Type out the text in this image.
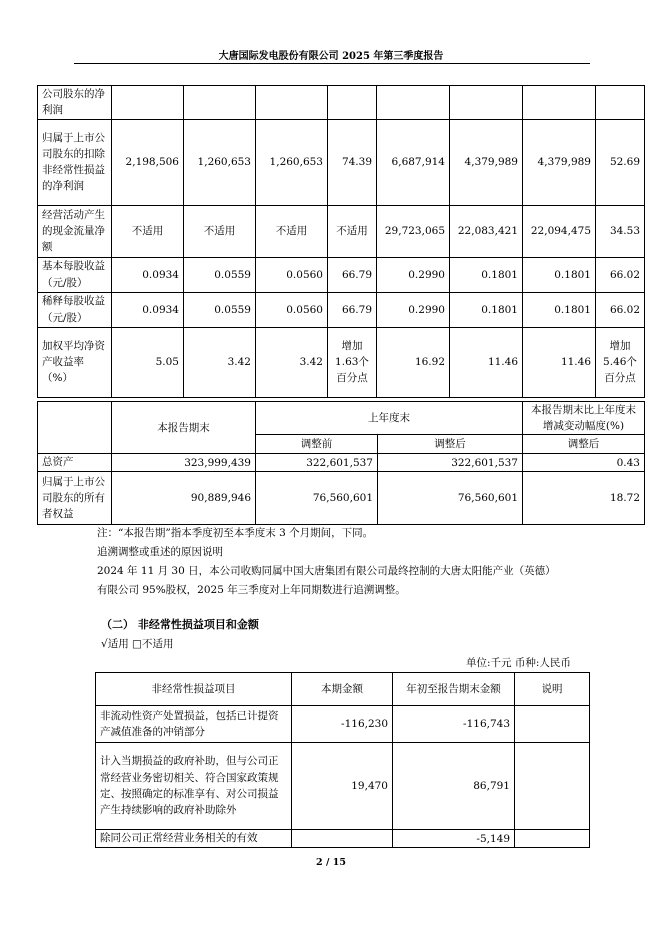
大唐国际发电股份有限公司 2025 年第三季度报告
公司股东的净利润								
归属于上市公司股东的扣除非经常性损益的净利润	2,198,506	1,260,653	1,260,653	74.39	6,687,914	4,379,989	4,379,989	52.69
经营活动产生的现金流量净额	不适用	不适用	不适用	不适用	29,723,065	22,083,421	22,094,475	34.53
基本每股收益（元/股）	0.0934	0.0559	0.0560	66.79	0.2990	0.1801	0.1801	66.02
稀释每股收益（元/股）	0.0934	0.0559	0.0560	66.79	0.2990	0.1801	0.1801	66.02
加权平均净资产收益率（%）	5.05	3.42	3.42	增加1.63个百分点	16.92	11.46	11.46	增加5.46个百分点
	本报告期末	上年度末		本报告期末比上年度末增减变动幅度(%)
		调整前	调整后	调整后
总资产	323,999,439	322,601,537	322,601,537	0.43
归属于上市公司股东的所有者权益	90,889,946	76,560,601	76,560,601	18.72
注：“本报告期”指本季度初至本季度末 3 个月期间，下同。
追溯调整或重述的原因说明
2024 年 11 月 30 日，本公司收购同属中国大唐集团有限公司最终控制的大唐太阳能产业（英德）
有限公司 95%股权，2025 年三季度对上年同期数进行追溯调整。
（二） 非经常性损益项目和金额
√适用 □不适用
单位:千元 币种:人民币
非经常性损益项目	本期金额	年初至报告期末金额	说明
非流动性资产处置损益，包括已计提资产减值准备的冲销部分	-116,230	-116,743	
计入当期损益的政府补助，但与公司正常经营业务密切相关、符合国家政策规定、按照确定的标准享有、对公司损益产生持续影响的政府补助除外	19,470	86,791	
除同公司正常经营业务相关的有效		-5,149	
2 / 15
